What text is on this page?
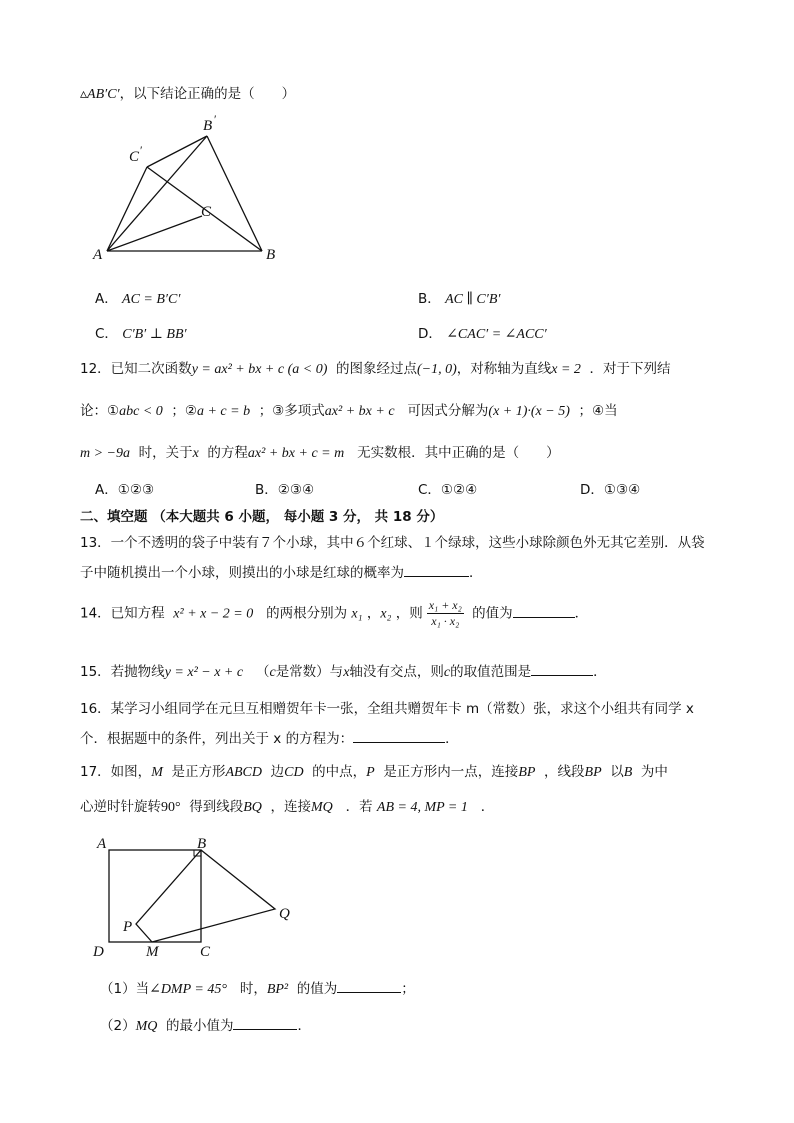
▵AB′C′，以下结论正确的是（　　）
A	B
C
B ′
C ′
A． AC = B′C′	B． AC ∥ C′B′
C． C′B′ ⊥ BB′	D． ∠CAC′ = ∠ACC′
12．已知二次函数y = ax² + bx + c (a < 0) 的图象经过点(−1, 0)，对称轴为直线x = 2 ．对于下列结
论：①abc < 0 ；②a + c = b ；③多项式ax² + bx + c 可因式分解为(x + 1)·(x − 5) ；④当
m > −9a 时，关于x 的方程ax² + bx + c = m 无实数根．其中正确的是（　　）
A．①②③	B．②③④	C．①②④	D．①③④
二、填空题 （本大题共 6 小题， 每小题 3 分， 共 18 分）
13．一个不透明的袋子中装有７个小球，其中６个红球、１个绿球，这些小球除颜色外无其它差别．从袋
子中随机摸出一个小球，则摸出的小球是红球的概率为	．
14．已知方程 x² + x − 2 = 0 的两根分别为 x₁ ，x₂ ，则 $\frac{\text{x₁ + x₂}}{\text{x₁ · x₂}}$ 的值为	．
15．若抛物线y = x² − x + c （c是常数）与x轴没有交点，则c的取值范围是	．
16．某学习小组同学在元旦互相赠贺年卡一张，全组共赠贺年卡 m（常数）张，求这个小组共有同学 x
个．根据题中的条件，列出关于 x 的方程为：	．
17．如图，M 是正方形ABCD 边CD 的中点，P 是正方形内一点，连接BP ，线段BP 以B 为中
心逆时针旋转90° 得到线段BQ ，连接MQ ．若 AB = 4, MP = 1 ．
A	B
C
D
P
M
Q
（1）当∠DMP = 45° 时，BP² 的值为	；
（2）MQ 的最小值为	．
